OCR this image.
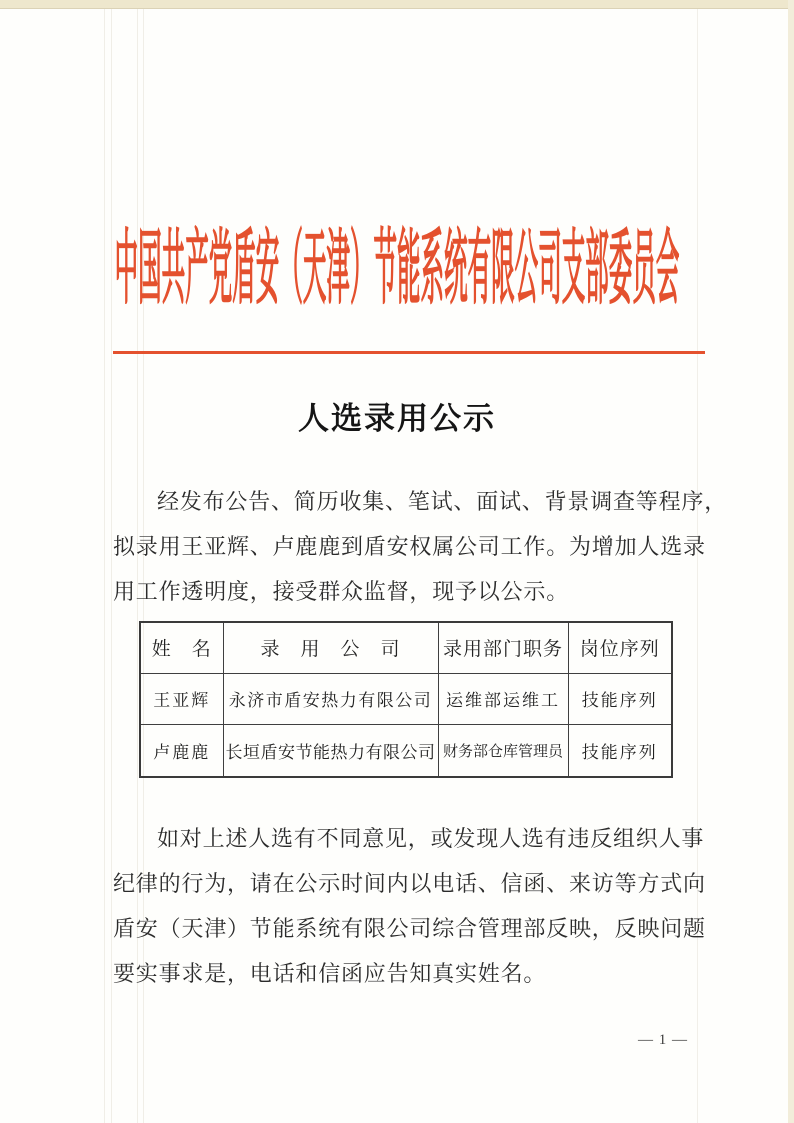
中国共产党盾安（天津）节能系统有限公司支部委员会
人选录用公示
经发布公告、简历收集、笔试、面试、背景调查等程序，
拟录用王亚辉、卢鹿鹿到盾安权属公司工作。为增加人选录
用工作透明度，接受群众监督，现予以公示。
姓　名	录　用　公　司	录用部门职务	岗位序列
王亚辉	永济市盾安热力有限公司	运维部运维工	技能序列
卢鹿鹿	长垣盾安节能热力有限公司	财务部仓库管理员	技能序列
如对上述人选有不同意见，或发现人选有违反组织人事
纪律的行为，请在公示时间内以电话、信函、来访等方式向
盾安（天津）节能系统有限公司综合管理部反映，反映问题
要实事求是，电话和信函应告知真实姓名。
— 1 —
